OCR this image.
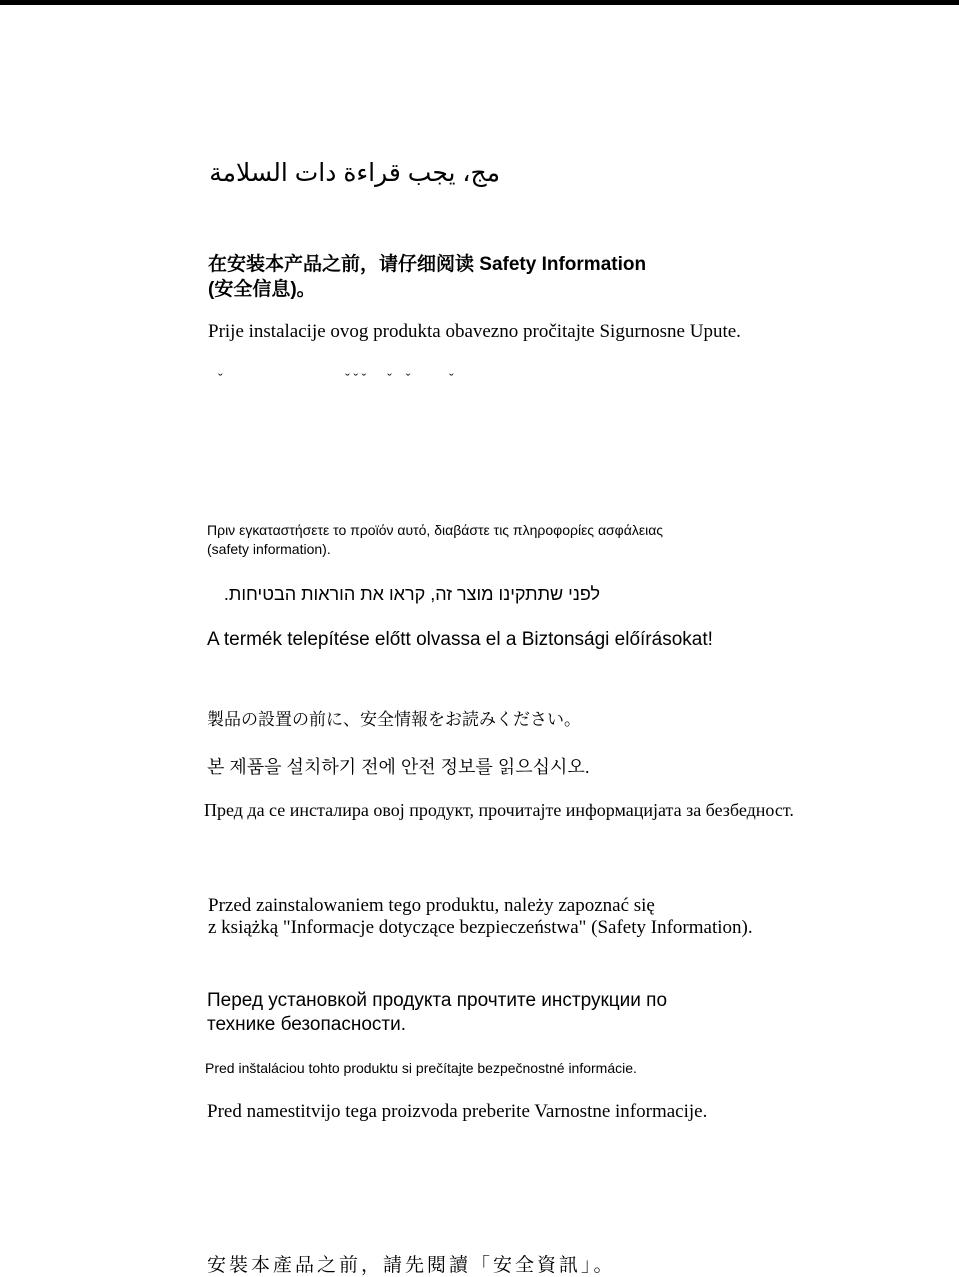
مج، يجب قراءة دات السلامة
在安装本产品之前，请仔细阅读 Safety Information
(安全信息)。
Prije instalacije ovog produkta obavezno pročitajte Sigurnosne Upute.
ˇ                                   ˇ ˇ ˇ      ˇ    ˇ           ˇ
Πριν εγκαταστήσετε το προϊόν αυτό, διαβάστε τις πληροφορίες ασφάλειας
(safety information).
לפני שתתקינו מוצר זה, קראו את הוראות הבטיחות.
A termék telepítése előtt olvassa el a Biztonsági előírásokat!
製品の設置の前に、安全情報をお読みください。
본 제품을 설치하기 전에 안전 정보를 읽으십시오.
Пред да се инсталира овој продукт, прочитајте информацијата за безбедност.
Przed zainstalowaniem tego produktu, należy zapoznać się
z książką "Informacje dotyczące bezpieczeństwa" (Safety Information).
Перед установкой продукта прочтите инструкции по
технике безопасности.
Pred inštaláciou tohto produktu si prečítajte bezpečnostné informácie.
Pred namestitvijo tega proizvoda preberite Varnostne informacije.
安裝本產品之前，請先閱讀「安全資訊」。
